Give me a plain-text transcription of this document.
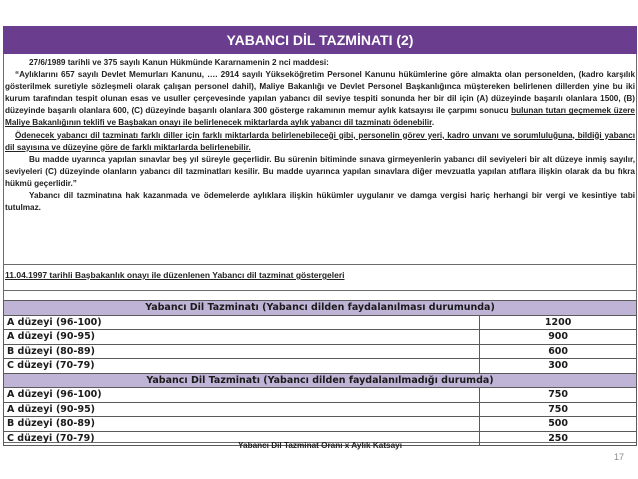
YABANCI DİL TAZMİNATI (2)

27/6/1989 tarihli ve 375 sayılı Kanun Hükmünde Kararnamenin 2 nci maddesi:

“Aylıklarını 657 sayılı Devlet Memurları Kanunu, …. 2914 sayılı Yükseköğretim Personel Kanunu hükümlerine göre almakta olan personelden, (kadro karşılık gösterilmek suretiyle sözleşmeli olarak çalışan personel dahil), Maliye Bakanlığı ve Devlet Personel Başkanlığınca müştereken belirlenen dillerden yine bu iki kurum tarafından tespit olunan esas ve usuller çerçevesinde yapılan yabancı dil seviye tespiti sonunda her bir dil için (A) düzeyinde başarılı olanlara 1500, (B) düzeyinde başarılı olanlara 600, (C) düzeyinde başarılı olanlara 300 gösterge rakamının memur aylık katsayısı ile çarpımı sonucu bulunan tutarı geçmemek üzere Maliye Bakanlığının teklifi ve Başbakan onayı ile belirlenecek miktarlarda aylık yabancı dil tazminatı ödenebilir.

Ödenecek yabancı dil tazminatı farklı diller için farklı miktarlarda belirlenebileceği gibi, personelin görev yeri, kadro unvanı ve sorumluluğuna, bildiği yabancı dil sayısına ve düzeyine göre de farklı miktarlarda belirlenebilir.

Bu madde uyarınca yapılan sınavlar beş yıl süreyle geçerlidir. Bu sürenin bitiminde sınava girmeyenlerin yabancı dil seviyeleri bir alt düzeye inmiş sayılır, seviyeleri (C) düzeyinde olanların yabancı dil tazminatları kesilir. Bu madde uyarınca yapılan sınavlara diğer mevzuatla yapılan atıflara ilişkin olarak da bu fıkra hükmü geçerlidir.”

Yabancı dil tazminatına hak kazanmada ve ödemelerde aylıklara ilişkin hükümler uygulanır ve damga vergisi hariç herhangi bir vergi ve kesintiye tabi tutulmaz.

11.04.1997 tarihli Başbakanlık onayı ile düzenlenen Yabancı dil tazminat göstergeleri
Yabancı Dil Tazminatı (Yabancı dilden faydalanılması durumunda)	
A düzeyi (96-100)	1200
A düzeyi (90-95)	900
B düzeyi (80-89)	600
C düzeyi (70-79)	300
Yabancı Dil Tazminatı (Yabancı dilden faydalanılmadığı durumda)	
A düzeyi (96-100)	750
A düzeyi (90-95)	750
B düzeyi (80-89)	500
C düzeyi (70-79)	250
Yabancı Dil Tazminat Oranı x Aylık Katsayı
17
